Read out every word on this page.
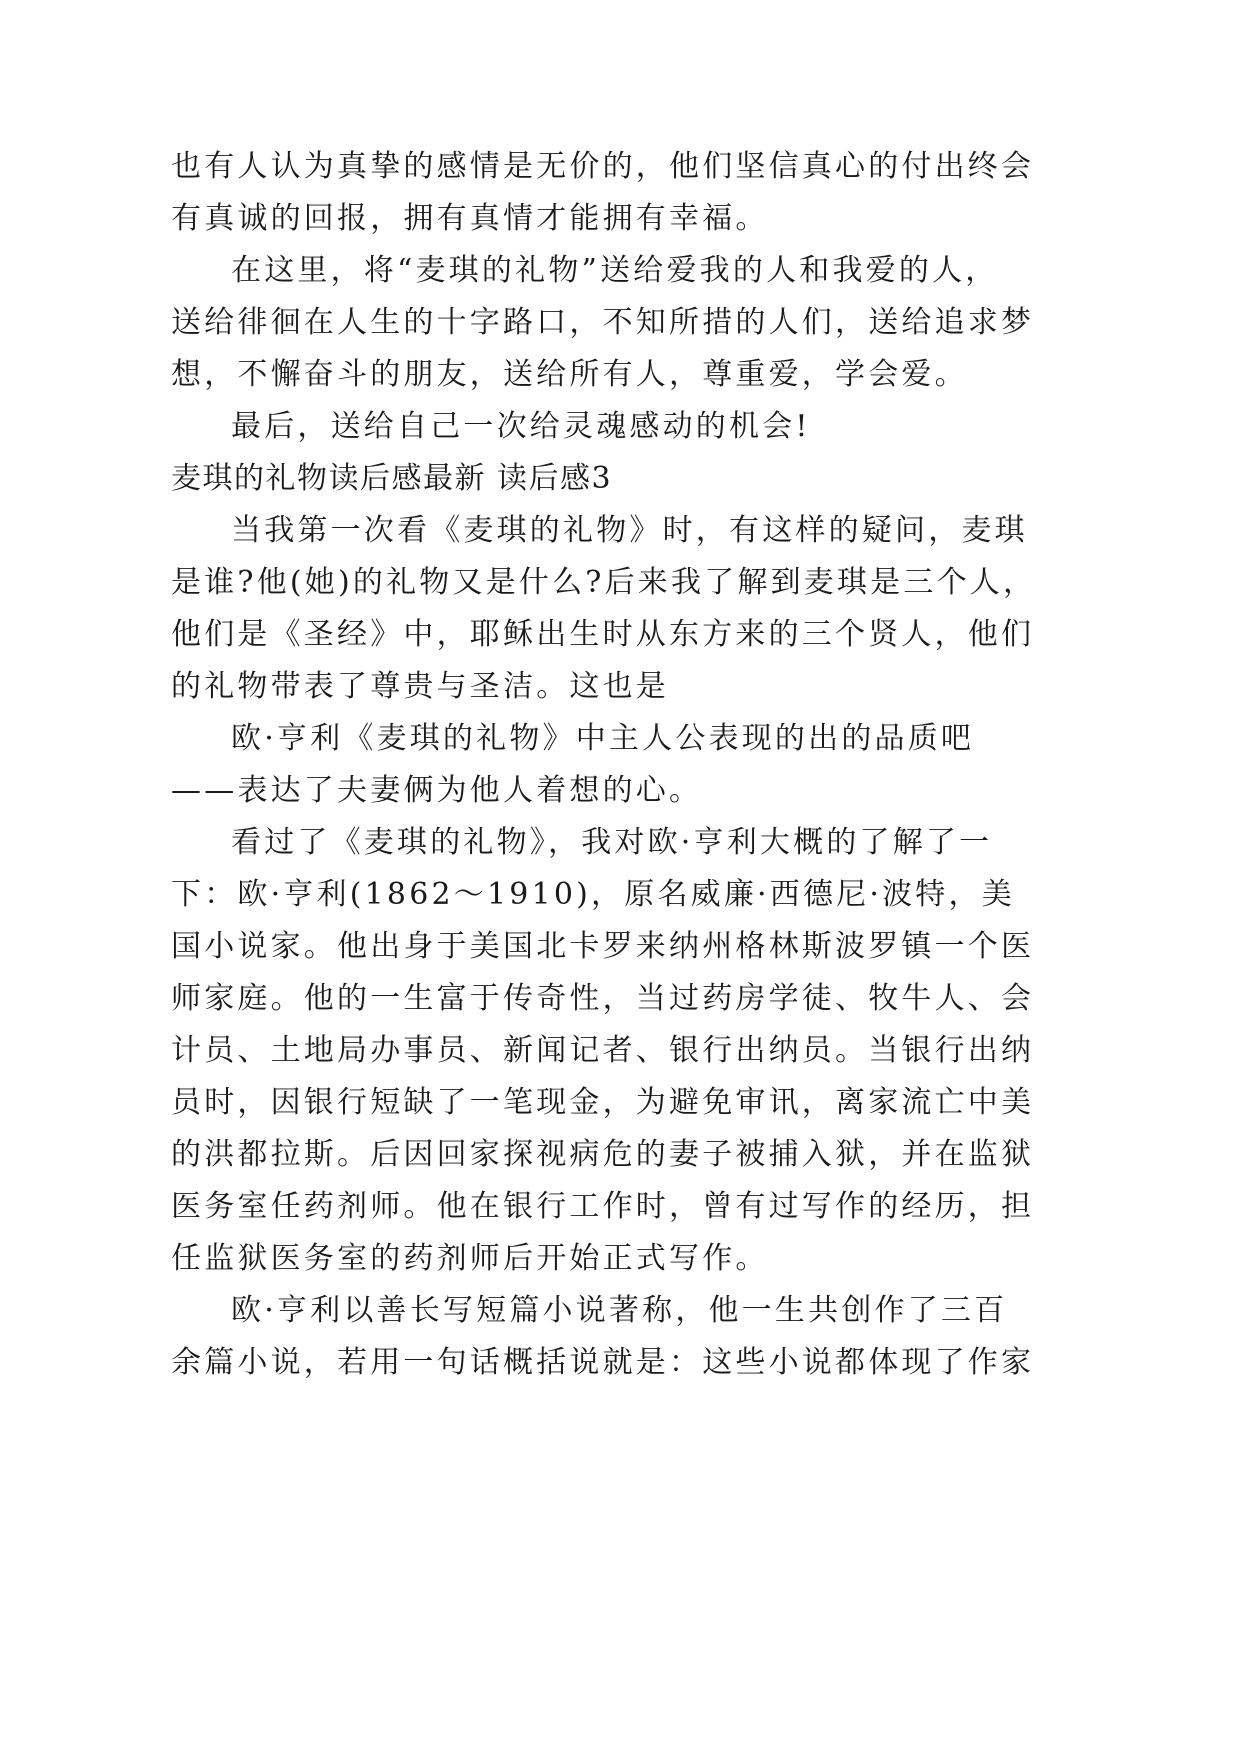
也有人认为真挚的感情是无价的，他们坚信真心的付出终会
有真诚的回报，拥有真情才能拥有幸福。
在这里，将“麦琪的礼物”送给爱我的人和我爱的人，
送给徘徊在人生的十字路口，不知所措的人们，送给追求梦
想，不懈奋斗的朋友，送给所有人，尊重爱，学会爱。
最后，送给自己一次给灵魂感动的机会!
麦琪的礼物读后感最新 读后感3
当我第一次看《麦琪的礼物》时，有这样的疑问，麦琪
是谁?他(她)的礼物又是什么?后来我了解到麦琪是三个人，
他们是《圣经》中，耶稣出生时从东方来的三个贤人，他们
的礼物带表了尊贵与圣洁。这也是
欧·亨利《麦琪的礼物》中主人公表现的出的品质吧
——表达了夫妻俩为他人着想的心。
看过了《麦琪的礼物》，我对欧·亨利大概的了解了一
下：欧·亨利(1862～1910)，原名威廉·西德尼·波特，美
国小说家。他出身于美国北卡罗来纳州格林斯波罗镇一个医
师家庭。他的一生富于传奇性，当过药房学徒、牧牛人、会
计员、土地局办事员、新闻记者、银行出纳员。当银行出纳
员时，因银行短缺了一笔现金，为避免审讯，离家流亡中美
的洪都拉斯。后因回家探视病危的妻子被捕入狱，并在监狱
医务室任药剂师。他在银行工作时，曾有过写作的经历，担
任监狱医务室的药剂师后开始正式写作。
欧·亨利以善长写短篇小说著称，他一生共创作了三百
余篇小说，若用一句话概括说就是：这些小说都体现了作家
